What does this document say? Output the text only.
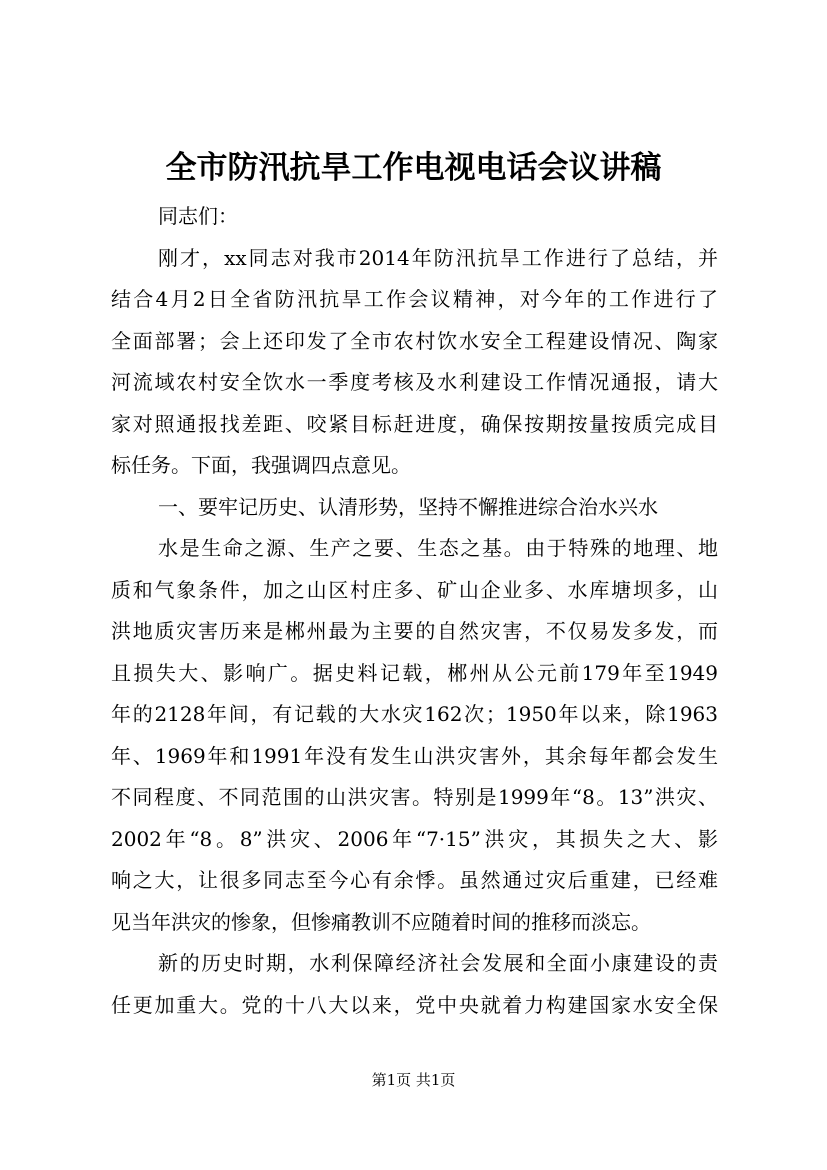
全市防汛抗旱工作电视电话会议讲稿
同志们：
刚才，xx同志对我市2014年防汛抗旱工作进行了总结，并
结合4月2日全省防汛抗旱工作会议精神，对今年的工作进行了
全面部署；会上还印发了全市农村饮水安全工程建设情况、陶家
河流域农村安全饮水一季度考核及水利建设工作情况通报，请大
家对照通报找差距、咬紧目标赶进度，确保按期按量按质完成目
标任务。下面，我强调四点意见。
一、要牢记历史、认清形势，坚持不懈推进综合治水兴水
水是生命之源、生产之要、生态之基。由于特殊的地理、地
质和气象条件，加之山区村庄多、矿山企业多、水库塘坝多，山
洪地质灾害历来是郴州最为主要的自然灾害，不仅易发多发，而
且损失大、影响广。据史料记载，郴州从公元前179年至1949
年的2128年间，有记载的大水灾162次；1950年以来，除1963
年、1969年和1991年没有发生山洪灾害外，其余每年都会发生
不同程度、不同范围的山洪灾害。特别是1999年“8。13”洪灾、
2002年“8。8”洪灾、2006年“7·15”洪灾，其损失之大、影
响之大，让很多同志至今心有余悸。虽然通过灾后重建，已经难
见当年洪灾的惨象，但惨痛教训不应随着时间的推移而淡忘。
新的历史时期，水利保障经济社会发展和全面小康建设的责
任更加重大。党的十八大以来，党中央就着力构建国家水安全保
第1页 共1页
